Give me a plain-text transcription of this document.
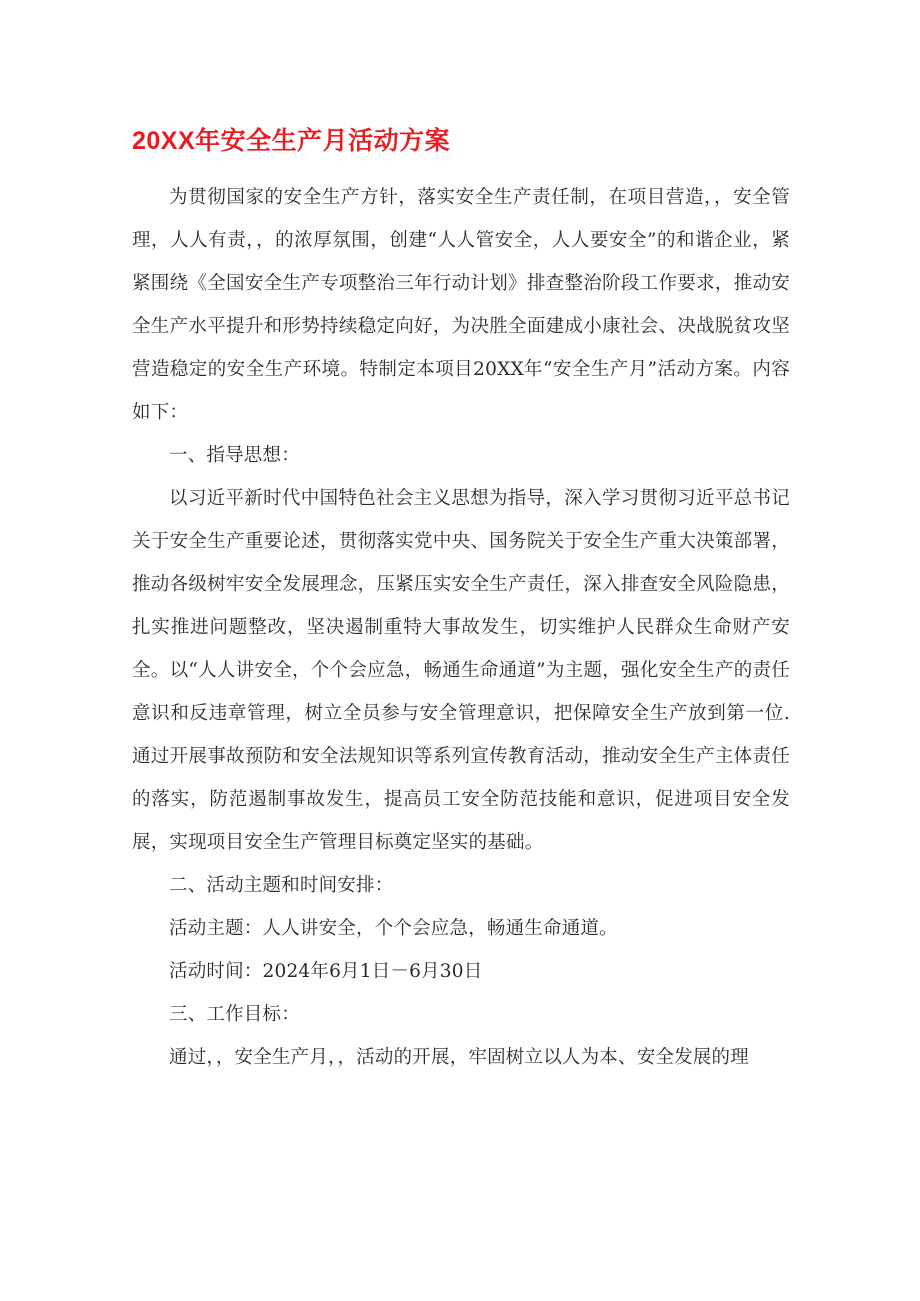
20XX年安全生产月活动方案

为贯彻国家的安全生产方针，落实安全生产责任制，在项目营造，，安全管理，人人有责，，的浓厚氛围，创建“人人管安全，人人要安全”的和谐企业，紧紧围绕《全国安全生产专项整治三年行动计划》排查整治阶段工作要求，推动安全生产水平提升和形势持续稳定向好，为决胜全面建成小康社会、决战脱贫攻坚营造稳定的安全生产环境。特制定本项目20XX年“安全生产月”活动方案。内容如下：

一、指导思想：

以习近平新时代中国特色社会主义思想为指导，深入学习贯彻习近平总书记关于安全生产重要论述，贯彻落实党中央、国务院关于安全生产重大决策部署，推动各级树牢安全发展理念，压紧压实安全生产责任，深入排查安全风险隐患，扎实推进问题整改，坚决遏制重特大事故发生，切实维护人民群众生命财产安全。以“人人讲安全，个个会应急，畅通生命通道”为主题，强化安全生产的责任意识和反违章管理，树立全员参与安全管理意识，把保障安全生产放到第一位.通过开展事故预防和安全法规知识等系列宣传教育活动，推动安全生产主体责任的落实，防范遏制事故发生，提高员工安全防范技能和意识，促进项目安全发展，实现项目安全生产管理目标奠定坚实的基础。

二、活动主题和时间安排：

活动主题：人人讲安全，个个会应急，畅通生命通道。

活动时间：2024年6月1日－6月30日

三、工作目标：

通过，，安全生产月，，活动的开展，牢固树立以人为本、安全发展的理
